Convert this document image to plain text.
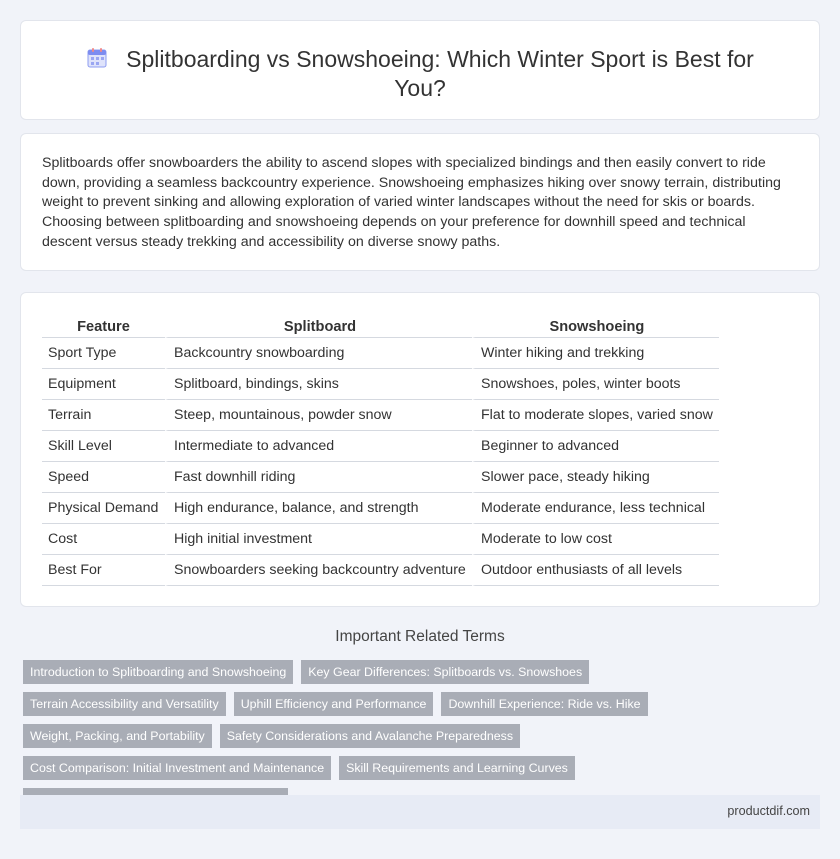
Splitboarding vs Snowshoeing: Which Winter Sport is Best for You?

Splitboards offer snowboarders the ability to ascend slopes with specialized bindings and then easily convert to ride down, providing a seamless backcountry experience. Snowshoeing emphasizes hiking over snowy terrain, distributing weight to prevent sinking and allowing exploration of varied winter landscapes without the need for skis or boards. Choosing between splitboarding and snowshoeing depends on your preference for downhill speed and technical descent versus steady trekking and accessibility on diverse snowy paths.

Feature	Splitboard	Snowshoeing
Sport Type	Backcountry snowboarding	Winter hiking and trekking
Equipment	Splitboard, bindings, skins	Snowshoes, poles, winter boots
Terrain	Steep, mountainous, powder snow	Flat to moderate slopes, varied snow
Skill Level	Intermediate to advanced	Beginner to advanced
Speed	Fast downhill riding	Slower pace, steady hiking
Physical Demand	High endurance, balance, and strength	Moderate endurance, less technical
Cost	High initial investment	Moderate to low cost
Best For	Snowboarders seeking backcountry adventure	Outdoor enthusiasts of all levels
Important Related Terms
Introduction to Splitboarding and Snowshoeing	Key Gear Differences: Splitboards vs. Snowshoes
Terrain Accessibility and Versatility	Uphill Efficiency and Performance	Downhill Experience: Ride vs. Hike
Weight, Packing, and Portability	Safety Considerations and Avalanche Preparedness
Cost Comparison: Initial Investment and Maintenance	Skill Requirements and Learning Curves
productdif.com
